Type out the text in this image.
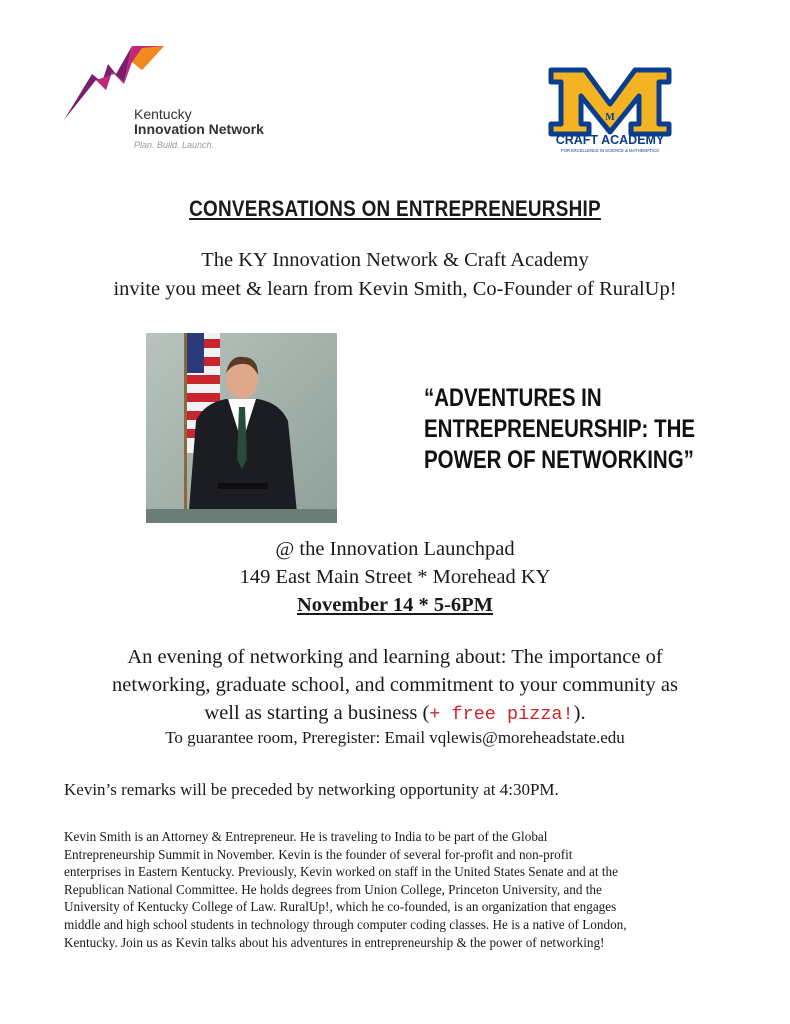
Kentucky
Innovation Network
Plan. Build. Launch.
M
CRAFT ACADEMY
FOR EXCELLENCE IN SCIENCE & MATHEMATICS
CONVERSATIONS ON ENTREPRENEURSHIP
The KY Innovation Network & Craft Academy
invite you meet & learn from Kevin Smith, Co-Founder of RuralUp!
“ADVENTURES IN
ENTREPRENEURSHIP: THE
POWER OF NETWORKING”
@ the Innovation Launchpad
149 East Main Street * Morehead KY
November 14 * 5-6PM
An evening of networking and learning about: The importance of
networking, graduate school, and commitment to your community as
well as starting a business (+ free pizza!).
To guarantee room, Preregister: Email vqlewis@moreheadstate.edu
Kevin’s remarks will be preceded by networking opportunity at 4:30PM.
Kevin Smith is an Attorney & Entrepreneur. He is traveling to India to be part of the Global
Entrepreneurship Summit in November. Kevin is the founder of several for-profit and non-profit
enterprises in Eastern Kentucky. Previously, Kevin worked on staff in the United States Senate and at the
Republican National Committee. He holds degrees from Union College, Princeton University, and the
University of Kentucky College of Law. RuralUp!, which he co-founded, is an organization that engages
middle and high school students in technology through computer coding classes. He is a native of London,
Kentucky. Join us as Kevin talks about his adventures in entrepreneurship & the power of networking!
